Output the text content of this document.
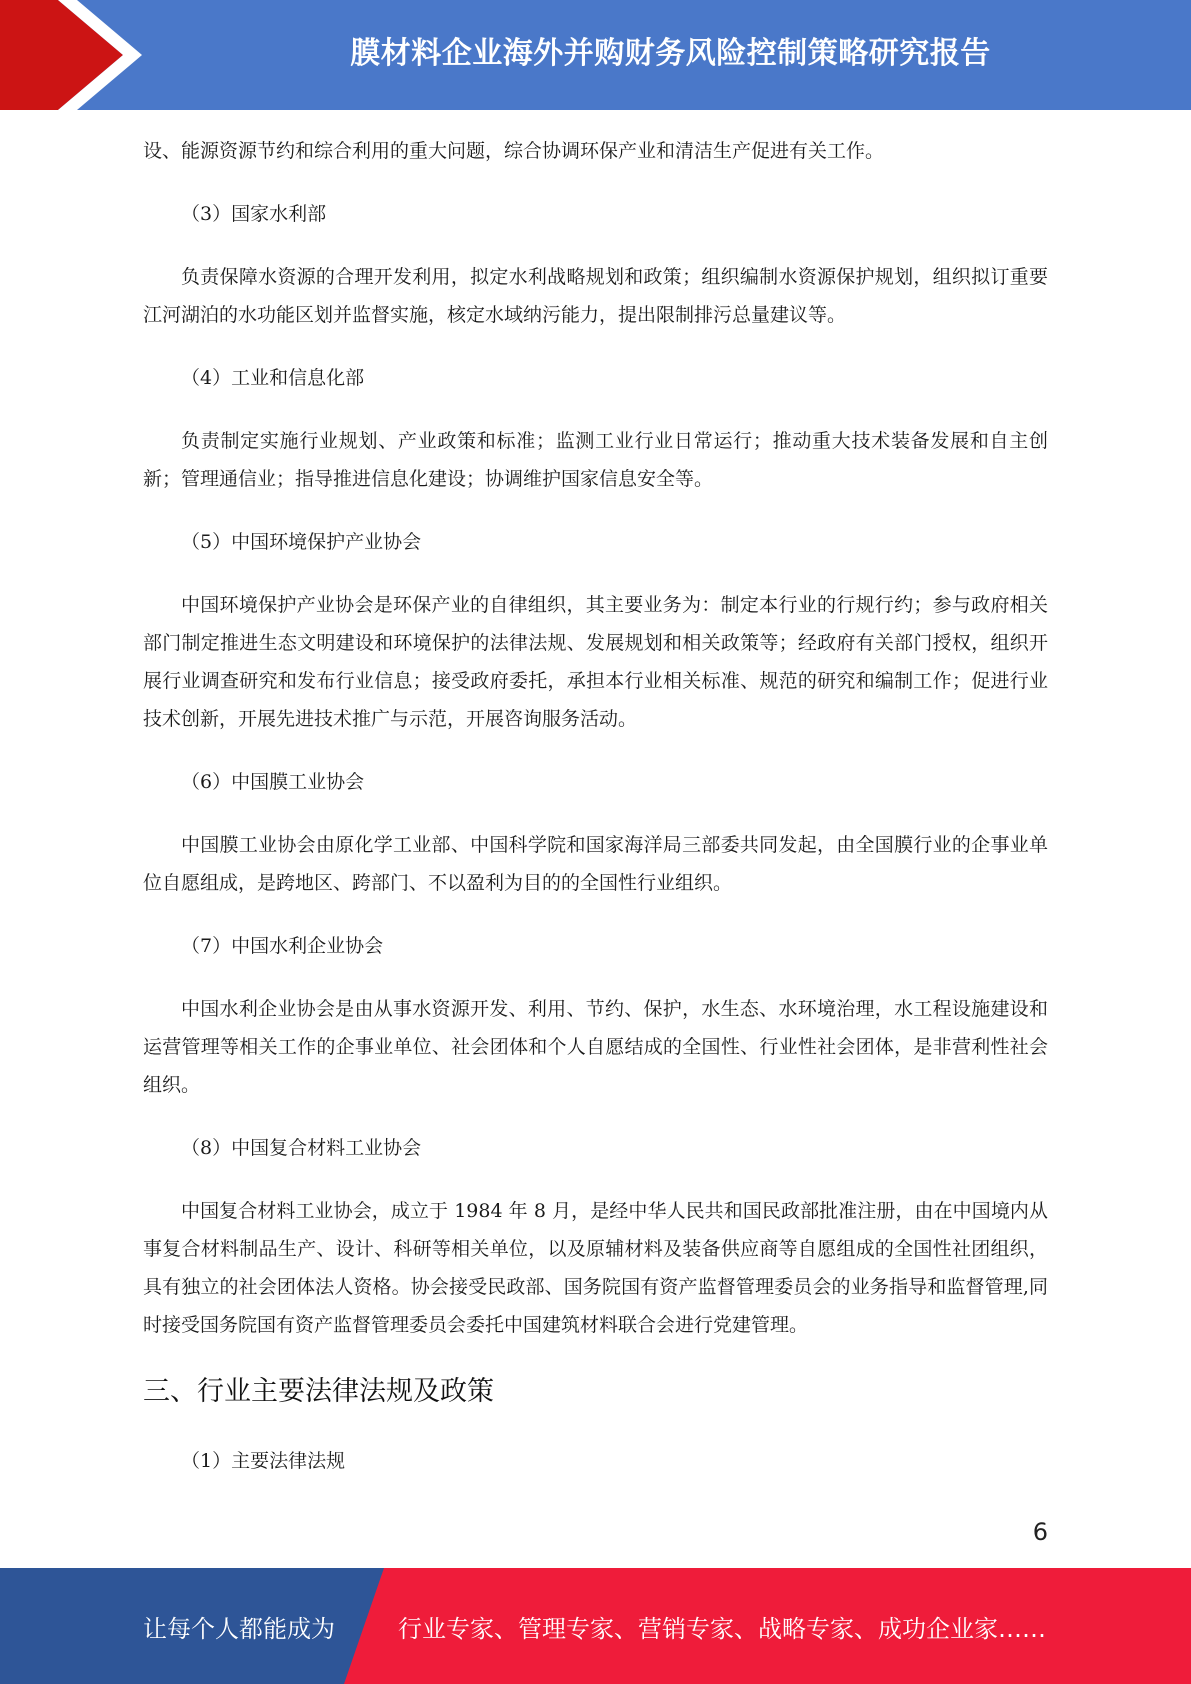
膜材料企业海外并购财务风险控制策略研究报告

设、能源资源节约和综合利用的重大问题，综合协调环保产业和清洁生产促进有关工作。

（3）国家水利部

负责保障水资源的合理开发利用，拟定水利战略规划和政策；组织编制水资源保护规划，组织拟订重要江河湖泊的水功能区划并监督实施，核定水域纳污能力，提出限制排污总量建议等。

（4）工业和信息化部

负责制定实施行业规划、产业政策和标准；监测工业行业日常运行；推动重大技术装备发展和自主创新；管理通信业；指导推进信息化建设；协调维护国家信息安全等。

（5）中国环境保护产业协会

中国环境保护产业协会是环保产业的自律组织，其主要业务为：制定本行业的行规行约；参与政府相关部门制定推进生态文明建设和环境保护的法律法规、发展规划和相关政策等；经政府有关部门授权，组织开展行业调查研究和发布行业信息；接受政府委托，承担本行业相关标准、规范的研究和编制工作；促进行业技术创新，开展先进技术推广与示范，开展咨询服务活动。

（6）中国膜工业协会

中国膜工业协会由原化学工业部、中国科学院和国家海洋局三部委共同发起，由全国膜行业的企事业单位自愿组成，是跨地区、跨部门、不以盈利为目的的全国性行业组织。

（7）中国水利企业协会

中国水利企业协会是由从事水资源开发、利用、节约、保护，水生态、水环境治理，水工程设施建设和运营管理等相关工作的企事业单位、社会团体和个人自愿结成的全国性、行业性社会团体，是非营利性社会组织。

（8）中国复合材料工业协会

中国复合材料工业协会，成立于 1984 年 8 月，是经中华人民共和国民政部批准注册，由在中国境内从事复合材料制品生产、设计、科研等相关单位，以及原辅材料及装备供应商等自愿组成的全国性社团组织，具有独立的社会团体法人资格。协会接受民政部、国务院国有资产监督管理委员会的业务指导和监督管理,同时接受国务院国有资产监督管理委员会委托中国建筑材料联合会进行党建管理。

三、行业主要法律法规及政策

（1）主要法律法规

6
让每个人都能成为	行业专家、管理专家、营销专家、战略专家、成功企业家……
